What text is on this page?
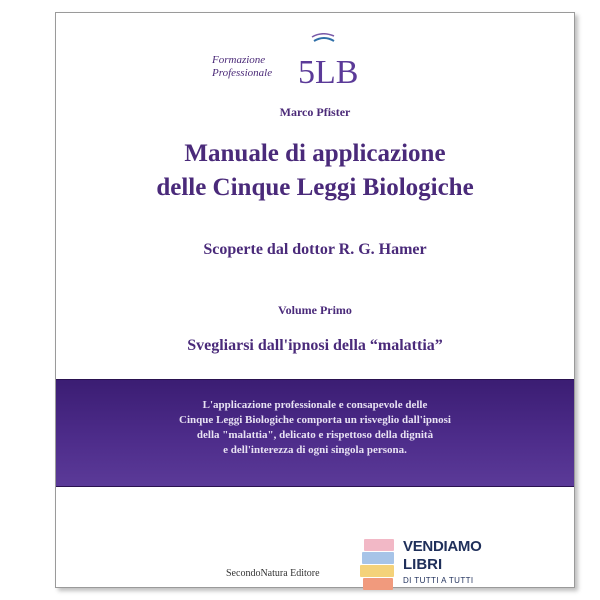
Formazione
Professionale 5LB
Marco Pfister
Manuale di applicazione
delle Cinque Leggi Biologiche
Scoperte dal dottor R. G. Hamer
Volume Primo
Svegliarsi dall'ipnosi della “malattia”
L'applicazione professionale e consapevole delle
Cinque Leggi Biologiche comporta un risveglio dall'ipnosi
della "malattia", delicato e rispettoso della dignità
e dell'interezza di ogni singola persona.
SecondoNatura Editore
VENDIAMO
LIBRI
DI TUTTI A TUTTI
